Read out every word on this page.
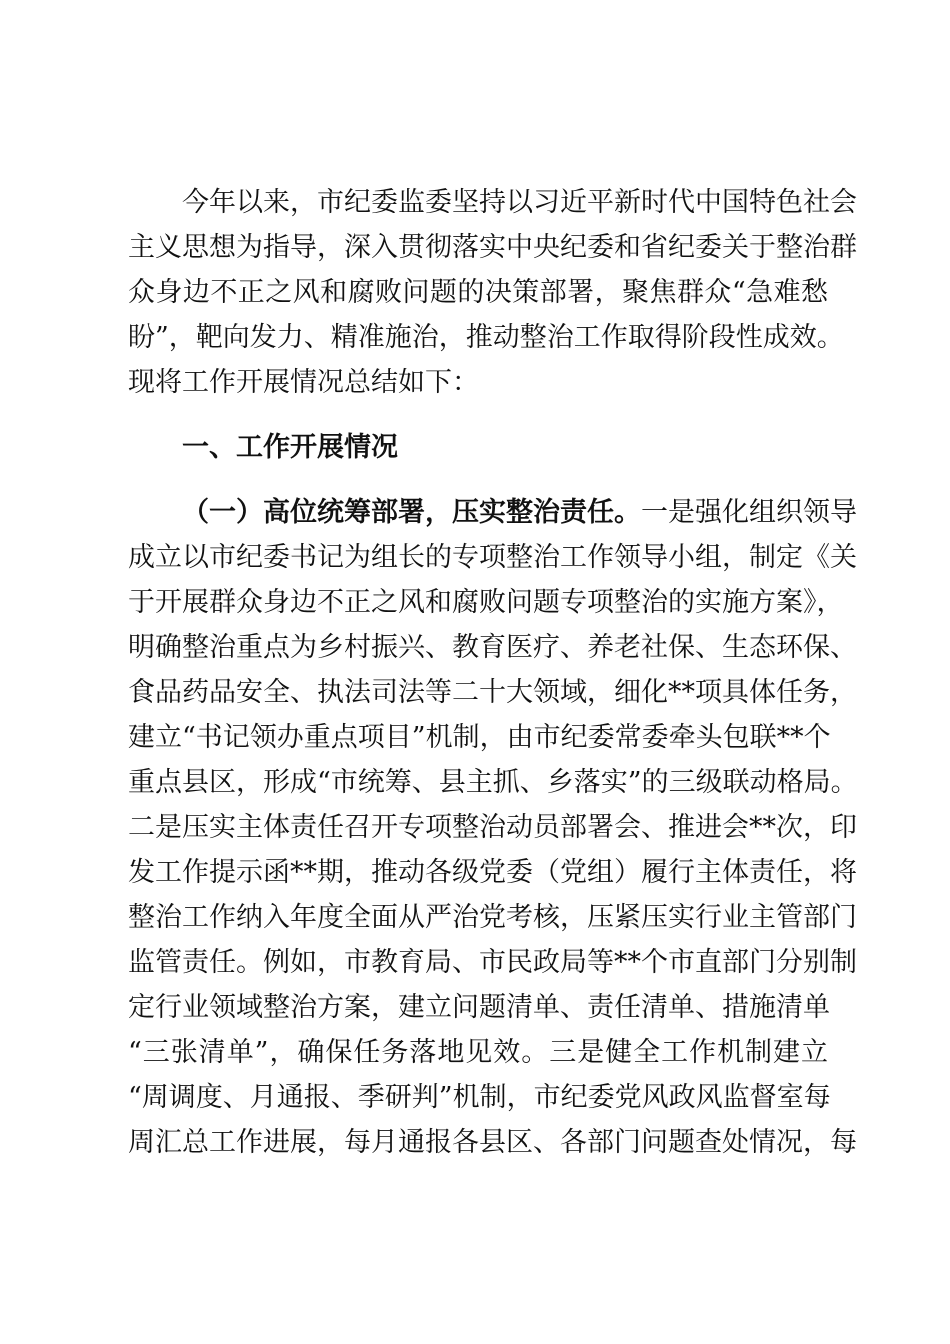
今年以来，市纪委监委坚持以习近平新时代中国特色社会
主义思想为指导，深入贯彻落实中央纪委和省纪委关于整治群
众身边不正之风和腐败问题的决策部署，聚焦群众“急难愁
盼”，靶向发力、精准施治，推动整治工作取得阶段性成效。
现将工作开展情况总结如下：
一、工作开展情况
（一）高位统筹部署，压实整治责任。一是强化组织领导
成立以市纪委书记为组长的专项整治工作领导小组，制定《关
于开展群众身边不正之风和腐败问题专项整治的实施方案》，
明确整治重点为乡村振兴、教育医疗、养老社保、生态环保、
食品药品安全、执法司法等二十大领域，细化**项具体任务，
建立“书记领办重点项目”机制，由市纪委常委牵头包联**个
重点县区，形成“市统筹、县主抓、乡落实”的三级联动格局。
二是压实主体责任召开专项整治动员部署会、推进会**次，印
发工作提示函**期，推动各级党委（党组）履行主体责任，将
整治工作纳入年度全面从严治党考核，压紧压实行业主管部门
监管责任。例如，市教育局、市民政局等**个市直部门分别制
定行业领域整治方案，建立问题清单、责任清单、措施清单
“三张清单”，确保任务落地见效。三是健全工作机制建立
“周调度、月通报、季研判”机制，市纪委党风政风监督室每
周汇总工作进展，每月通报各县区、各部门问题查处情况，每
